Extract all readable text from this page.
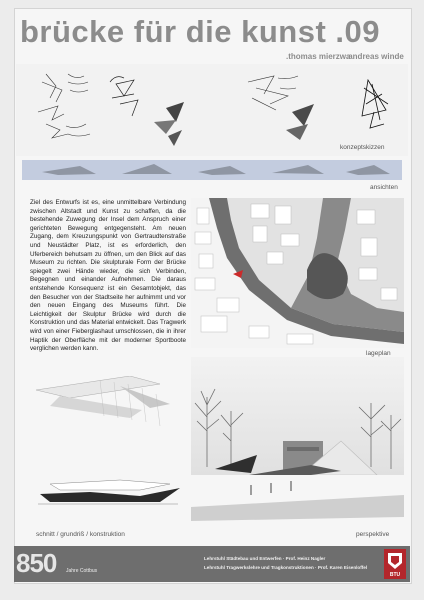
brücke für die kunst .09
.thomas mierzwa
.andreas winde
konzeptskizzen
ansichten

Ziel des Entwurfs ist es, eine unmittelbare Verbindung zwischen Altstadt und Kunst zu schaffen, da die bestehende Zuwegung der Insel dem Anspruch einer gerichteten Bewegung entgegensteht. Am neuen Zugang, dem Kreuzungspunkt von Gertraudtenstraße und Neustädter Platz, ist es erforderlich, den Uferbereich behutsam zu öffnen, um den Blick auf das Museum zu richten. Die skulpturale Form der Brücke spiegelt zwei Hände wieder, die sich Verbinden, Begegnen und einander Aufnehmen. Die daraus entstehende Konsequenz ist ein Gesamtobjekt, das den Besucher von der Stadtseite her aufnimmt und vor den neuen Eingang des Museums führt. Die Leichtigkeit der Skulptur Brücke wird durch die Konstruktion und das Material entwickelt. Das Tragwerk wird von einer Fieberglashaut umschlossen, die in ihrer Haptik der Oberfläche mit der moderner Sportboote verglichen werden kann.

lageplan
schnitt / grundriß / konstruktion	perspektive
850 Jahre Cottbus
Lehrstuhl Städtebau und Entwerfen · Prof. Heinz Nagler
Lehrstuhl Tragwerkslehre und Tragkonstruktionen · Prof. Karen Eisenloffel
BTU
